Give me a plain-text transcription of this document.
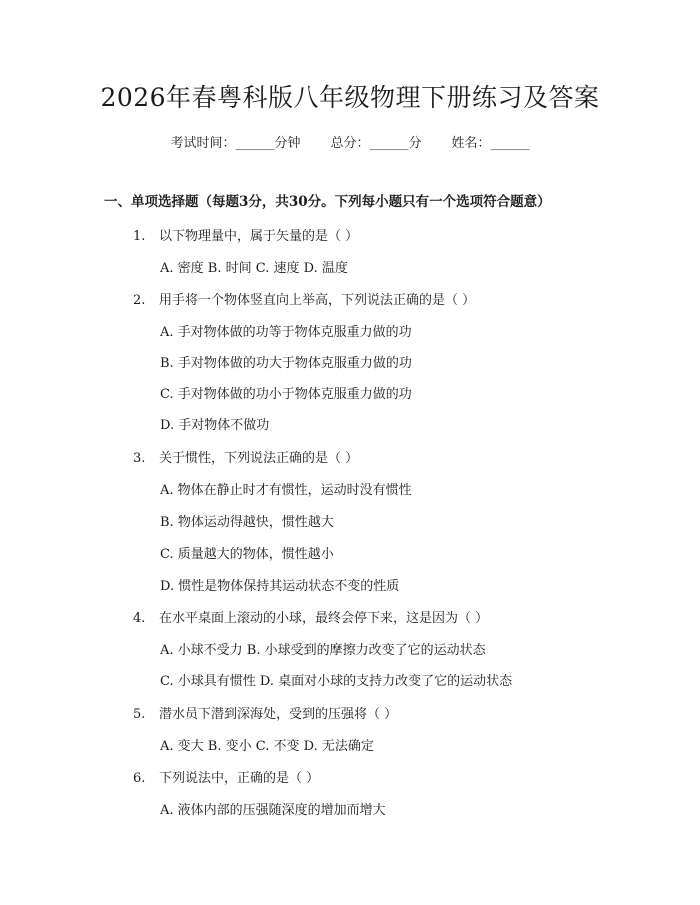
2026年春粤科版八年级物理下册练习及答案
考试时间：______分钟 总分：______分 姓名：______
一、单项选择题（每题3分，共30分。下列每小题只有一个选项符合题意）
1. 以下物理量中，属于矢量的是（ ）
A. 密度 B. 时间 C. 速度 D. 温度
2. 用手将一个物体竖直向上举高，下列说法正确的是（ ）
A. 手对物体做的功等于物体克服重力做的功
B. 手对物体做的功大于物体克服重力做的功
C. 手对物体做的功小于物体克服重力做的功
D. 手对物体不做功
3. 关于惯性，下列说法正确的是（ ）
A. 物体在静止时才有惯性，运动时没有惯性
B. 物体运动得越快，惯性越大
C. 质量越大的物体，惯性越小
D. 惯性是物体保持其运动状态不变的性质
4. 在水平桌面上滚动的小球，最终会停下来，这是因为（ ）
A. 小球不受力 B. 小球受到的摩擦力改变了它的运动状态
C. 小球具有惯性 D. 桌面对小球的支持力改变了它的运动状态
5. 潜水员下潜到深海处，受到的压强将（ ）
A. 变大 B. 变小 C. 不变 D. 无法确定
6. 下列说法中，正确的是（ ）
A. 液体内部的压强随深度的增加而增大
